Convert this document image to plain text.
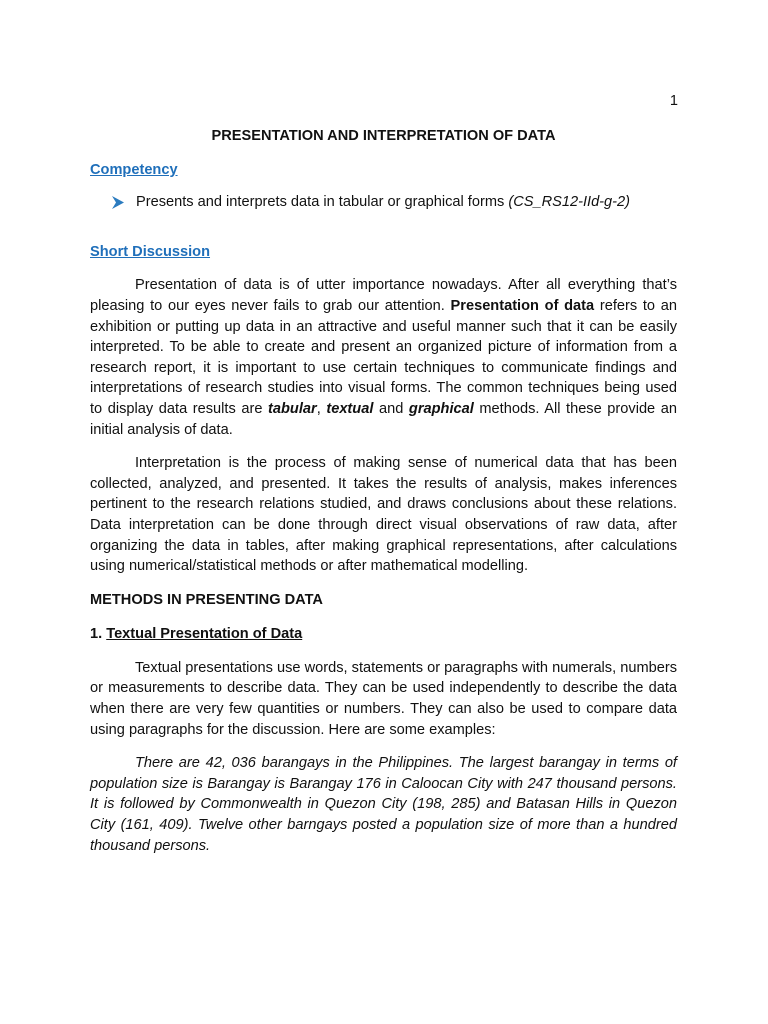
1
PRESENTATION AND INTERPRETATION OF DATA
Competency
Presents and interprets data in tabular or graphical forms (CS_RS12-IId-g-2)
Short Discussion

Presentation of data is of utter importance nowadays. After all everything that’s pleasing to our eyes never fails to grab our attention. Presentation of data refers to an exhibition or putting up data in an attractive and useful manner such that it can be easily interpreted. To be able to create and present an organized picture of information from a research report, it is important to use certain techniques to communicate findings and interpretations of research studies into visual forms. The common techniques being used to display data results are tabular, textual and graphical methods. All these provide an initial analysis of data.

Interpretation is the process of making sense of numerical data that has been collected, analyzed, and presented. It takes the results of analysis, makes inferences pertinent to the research relations studied, and draws conclusions about these relations. Data interpretation can be done through direct visual observations of raw data, after organizing the data in tables, after making graphical representations, after calculations using numerical/statistical methods or after mathematical modelling.

METHODS IN PRESENTING DATA
1. Textual Presentation of Data

Textual presentations use words, statements or paragraphs with numerals, numbers or measurements to describe data. They can be used independently to describe the data when there are very few quantities or numbers. They can also be used to compare data using paragraphs for the discussion. Here are some examples:

There are 42, 036 barangays in the Philippines. The largest barangay in terms of population size is Barangay is Barangay 176 in Caloocan City with 247 thousand persons. It is followed by Commonwealth in Quezon City (198, 285) and Batasan Hills in Quezon City (161, 409). Twelve other barngays posted a population size of more than a hundred thousand persons.
